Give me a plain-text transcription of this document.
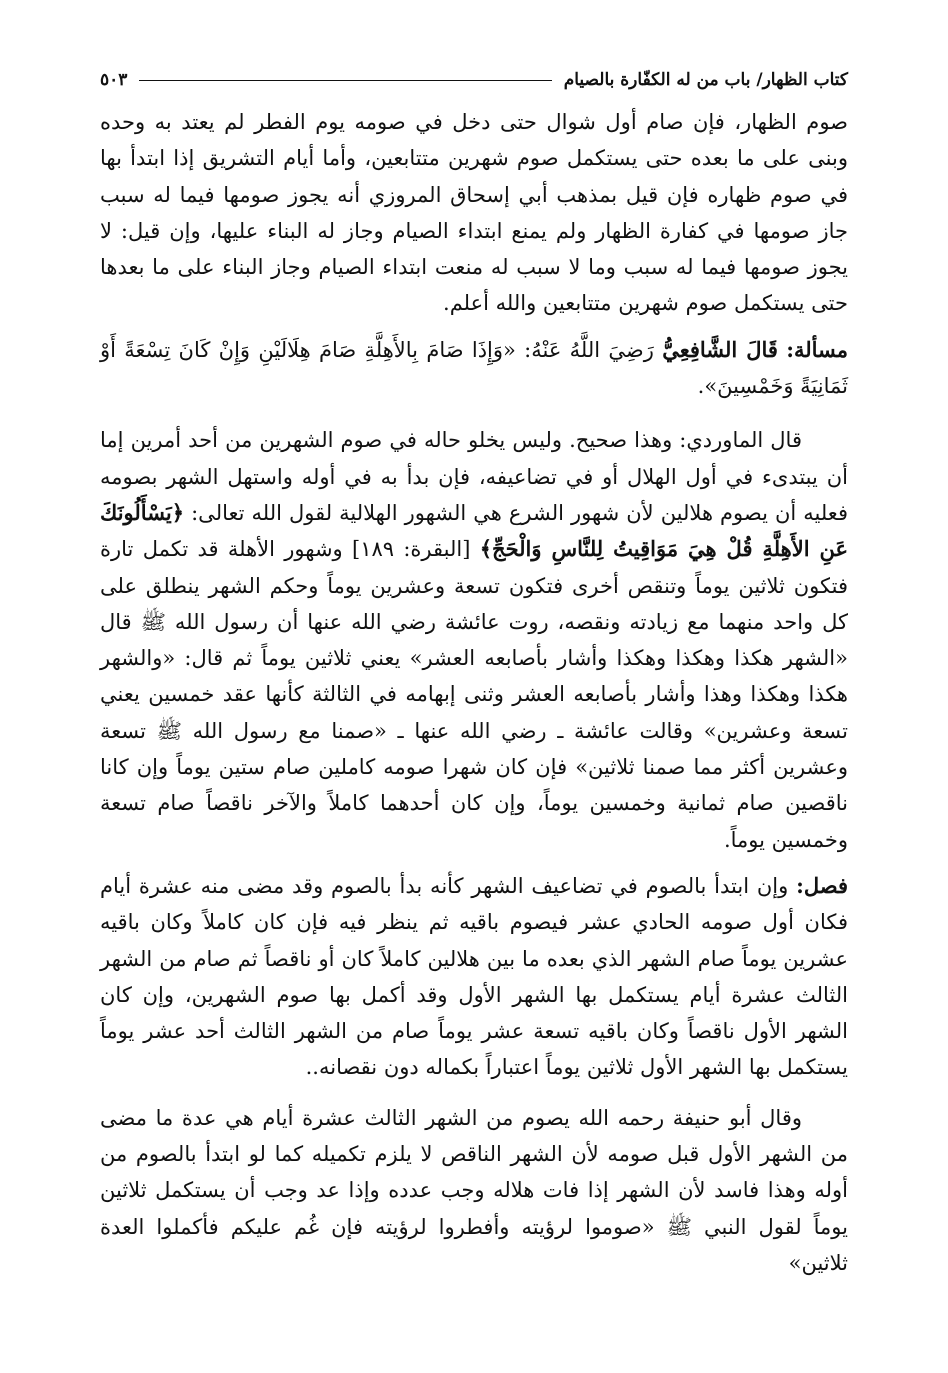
كتاب الظهار/ باب من له الكفّارة بالصيام
٥٠٣

صوم الظهار، فإن صام أول شوال حتى دخل في صومه يوم الفطر لم يعتد به وحده وبنى على ما بعده حتى يستكمل صوم شهرين متتابعين، وأما أيام التشريق إذا ابتدأ بها في صوم ظهاره فإن قيل بمذهب أبي إسحاق المروزي أنه يجوز صومها فيما له سبب جاز صومها في كفارة الظهار ولم يمنع ابتداء الصيام وجاز له البناء عليها، وإن قيل: لا يجوز صومها فيما له سبب وما لا سبب له منعت ابتداء الصيام وجاز البناء على ما بعدها حتى يستكمل صوم شهرين متتابعين والله أعلم.

مسألة: قَالَ الشَّافِعِيُّ رَضِيَ اللَّهُ عَنْهُ: «وَإِذَا صَامَ بِالأَهِلَّةِ صَامَ هِلَالَيْنِ وَإِنْ كَانَ تِسْعَةً أَوْ ثَمَانِيَةً وَخَمْسِينَ».

قال الماوردي: وهذا صحيح. وليس يخلو حاله في صوم الشهرين من أحد أمرين إما أن يبتدىء في أول الهلال أو في تضاعيفه، فإن بدأ به في أوله واستهل الشهر بصومه فعليه أن يصوم هلالين لأن شهور الشرع هي الشهور الهلالية لقول الله تعالى: ﴿يَسْأَلُونَكَ عَنِ الأَهِلَّةِ قُلْ هِيَ مَوَاقِيتُ لِلنَّاسِ وَالْحَجِّ﴾ [البقرة: ١٨٩] وشهور الأهلة قد تكمل تارة فتكون ثلاثين يوماً وتنقص أخرى فتكون تسعة وعشرين يوماً وحكم الشهر ينطلق على كل واحد منهما مع زيادته ونقصه، روت عائشة رضي الله عنها أن رسول الله ﷺ قال «الشهر هكذا وهكذا وهكذا وأشار بأصابعه العشر» يعني ثلاثين يوماً ثم قال: «والشهر هكذا وهكذا وهذا وأشار بأصابعه العشر وثنى إبهامه في الثالثة كأنها عقد خمسين يعني تسعة وعشرين» وقالت عائشة ـ رضي الله عنها ـ «صمنا مع رسول الله ﷺ تسعة وعشرين أكثر مما صمنا ثلاثين» فإن كان شهرا صومه كاملين صام ستين يوماً وإن كانا ناقصين صام ثمانية وخمسين يوماً، وإن كان أحدهما كاملاً والآخر ناقصاً صام تسعة وخمسين يوماً.

فصل: وإن ابتدأ بالصوم في تضاعيف الشهر كأنه بدأ بالصوم وقد مضى منه عشرة أيام فكان أول صومه الحادي عشر فيصوم باقيه ثم ينظر فيه فإن كان كاملاً وكان باقيه عشرين يوماً صام الشهر الذي بعده ما بين هلالين كاملاً كان أو ناقصاً ثم صام من الشهر الثالث عشرة أيام يستكمل بها الشهر الأول وقد أكمل بها صوم الشهرين، وإن كان الشهر الأول ناقصاً وكان باقيه تسعة عشر يوماً صام من الشهر الثالث أحد عشر يوماً يستكمل بها الشهر الأول ثلاثين يوماً اعتباراً بكماله دون نقصانه..

وقال أبو حنيفة رحمه الله يصوم من الشهر الثالث عشرة أيام هي عدة ما مضى من الشهر الأول قبل صومه لأن الشهر الناقص لا يلزم تكميله كما لو ابتدأ بالصوم من أوله وهذا فاسد لأن الشهر إذا فات هلاله وجب عدده وإذا عد وجب أن يستكمل ثلاثين يوماً لقول النبي ﷺ «صوموا لرؤيته وأفطروا لرؤيته فإن غُم عليكم فأكملوا العدة ثلاثين»
